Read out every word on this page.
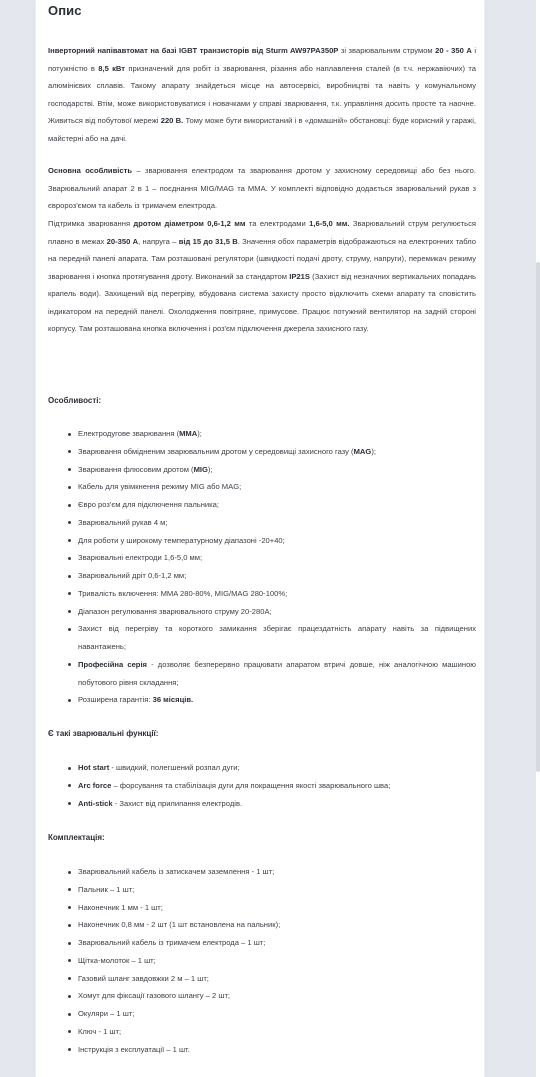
Опис

Інверторний напівавтомат на базі IGBT транзисторів від Sturm AW97PA350P зі зварювальним струмом 20 - 350 А і потужністю в 8,5 кВт призначений для робіт із зварювання, різання або наплавлення сталей (в т.ч. нержавіючих) та алюмінієвих сплавів. Такому апарату знайдеться місце на автосервісі, виробництві та навіть у комунальному господарстві. Втім, може використовуватися і новачками у справі зварювання, т.к. управління досить просте та наочне. Живиться від побутової мережі 220 В. Тому може бути використаний і в «домашній» обстановці: буде корисний у гаражі, майстерні або на дачі.

Основна особливість – зварювання електродом та зварювання дротом у захисному середовищі або без нього. Зварювальний апарат 2 в 1 – поєднання MIG/MAG та MMA. У комплекті відповідно додається зварювальний рукав з євророз'ємом та кабель із тримачем електрода.

Підтримка зварювання дротом діаметром 0,6-1,2 мм та електродами 1,6-5,0 мм. Зварювальний струм регулюється плавно в межах 20-350 А, напруга – від 15 до 31,5 В. Значення обох параметрів відображаються на електронних табло на передній панелі апарата. Там розташовані регулятори (швидкості подачі дроту, струму, напруги), перемикач режиму зварювання і кнопка протягування дроту. Виконаний за стандартом IP21S (Захист від незначних вертикальних попадань крапель води). Захищений від перегріву, вбудована система захисту просто відключить схеми апарату та сповістить індикатором на передній панелі. Охолодження повітряне, примусове. Працює потужний вентилятор на задній стороні корпусу. Там розташована кнопка включення і роз'єм підключення джерела захисного газу.

Особливості:

Електродугове зварювання (MMA);
Зварювання обмідненим зварювальним дротом у середовищі захисного газу (MAG);
Зварювання флюсовим дротом (MIG);
Кабель для увімкнення режиму MIG або MAG;
Євро роз'єм для підключення пальника;
Зварювальний рукав 4 м;
Для роботи у широкому температурному діапазоні -20+40;
Зварювальні електроди 1,6-5,0 мм;
Зварювальний дріт 0,6-1,2 мм;
Тривалість включення: MMA 280-80%, MIG/MAG 280-100%;
Діапазон регулювання зварювального струму 20-280А;
Захист від перегріву та короткого замикання зберігає працездатність апарату навіть за підвищених навантажень;
Професійна серія - дозволяє безперервно працювати апаратом втричі довше, ніж аналогічною машиною побутового рівня складання;
Розширена гарантія: 36 місяців.

Є такі зварювальні функції:

Hot start - швидкий, полегшений розпал дуги;
Arc force – форсування та стабілізація дуги для покращення якості зварювального шва;
Anti-stick - Захист від прилипання електродів.

Комплектація:

Зварювальний кабель із затискачем заземлення - 1 шт;
Пальник – 1 шт;
Наконечник 1 мм - 1 шт;
Наконечник 0,8 мм - 2 шт (1 шт встановлена на пальник);
Зварювальний кабель із тримачем електрода – 1 шт;
Щітка-молоток – 1 шт;
Газовий шланг завдовжки 2 м – 1 шт;
Хомут для фіксації газового шлангу – 2 шт;
Окуляри – 1 шт;
Ключ - 1 шт;
Інструкція з експлуатації – 1 шт.
